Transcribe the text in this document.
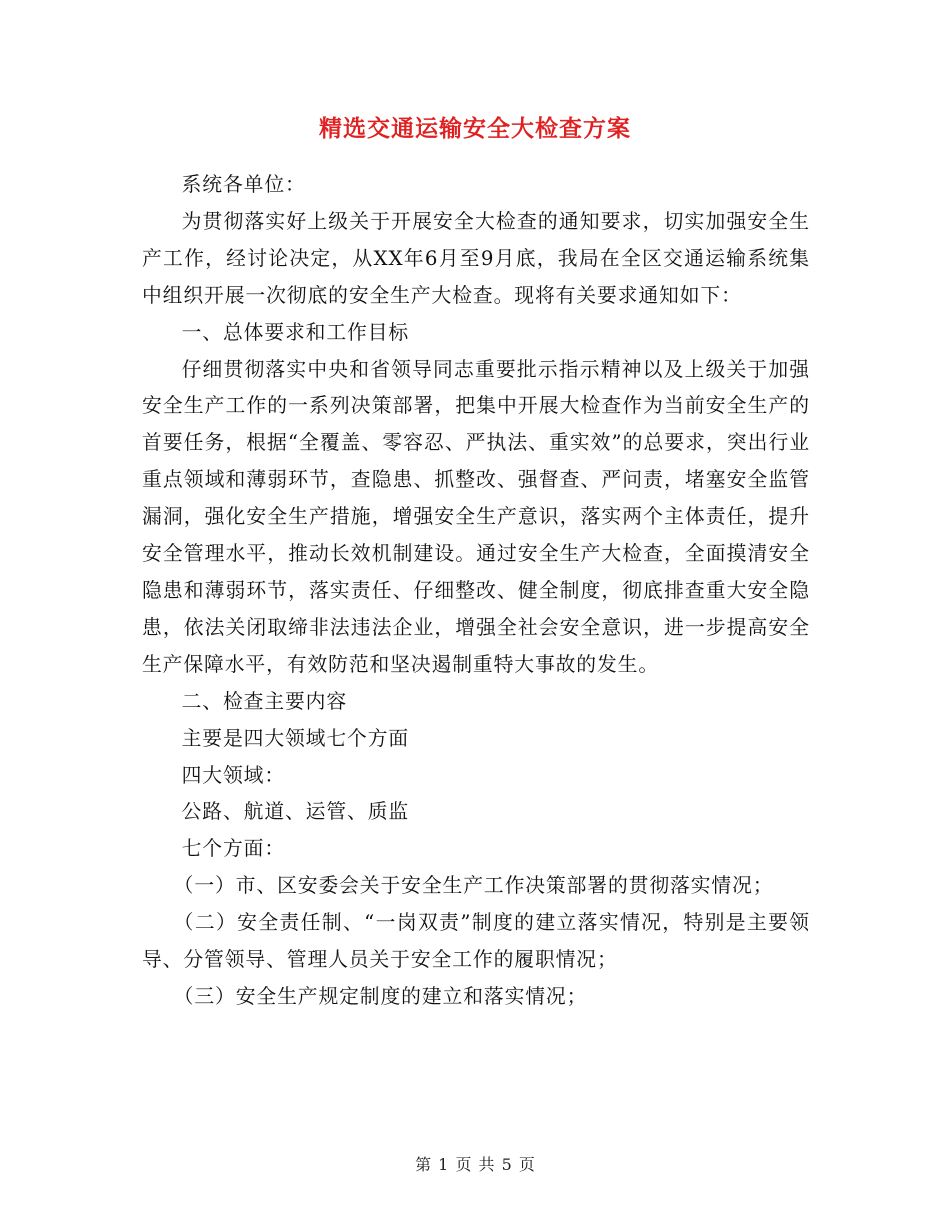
精选交通运输安全大检查方案

系统各单位：

为贯彻落实好上级关于开展安全大检查的通知要求，切实加强安全生产工作，经讨论决定，从XX年6月至9月底，我局在全区交通运输系统集中组织开展一次彻底的安全生产大检查。现将有关要求通知如下：

一、总体要求和工作目标

仔细贯彻落实中央和省领导同志重要批示指示精神以及上级关于加强安全生产工作的一系列决策部署，把集中开展大检查作为当前安全生产的首要任务，根据“全覆盖、零容忍、严执法、重实效”的总要求，突出行业重点领域和薄弱环节，查隐患、抓整改、强督查、严问责，堵塞安全监管漏洞，强化安全生产措施，增强安全生产意识，落实两个主体责任，提升安全管理水平，推动长效机制建设。通过安全生产大检查，全面摸清安全隐患和薄弱环节，落实责任、仔细整改、健全制度，彻底排查重大安全隐患，依法关闭取缔非法违法企业，增强全社会安全意识，进一步提高安全生产保障水平，有效防范和坚决遏制重特大事故的发生。

二、检查主要内容

主要是四大领域七个方面

四大领域：

公路、航道、运管、质监

七个方面：

（一）市、区安委会关于安全生产工作决策部署的贯彻落实情况；

（二）安全责任制、“一岗双责”制度的建立落实情况，特别是主要领导、分管领导、管理人员关于安全工作的履职情况；

（三）安全生产规定制度的建立和落实情况；

第 1 页 共 5 页
